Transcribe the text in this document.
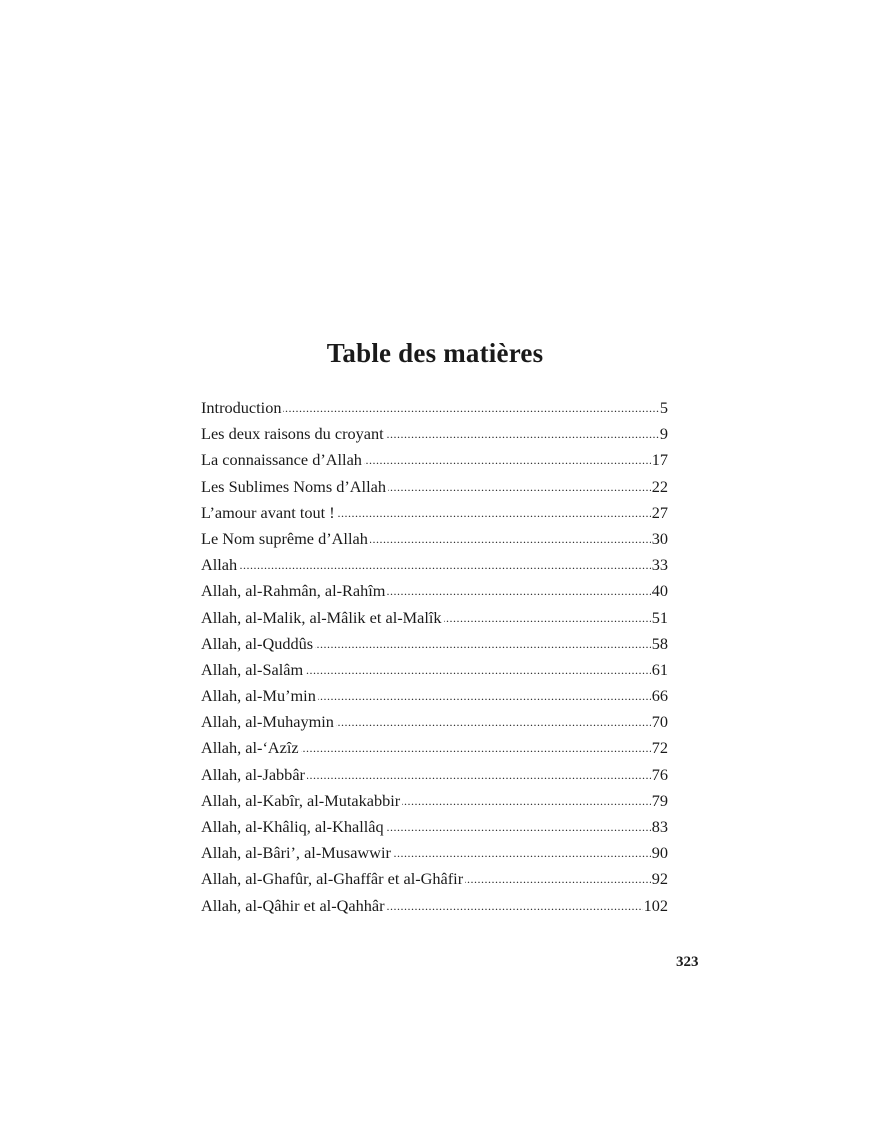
Table des matières
.....
Introduction	5
.....
Les deux raisons du croyant	9
.....
La connaissance d’Allah	17
.....
Les Sublimes Noms d’Allah	22
.....
L’amour avant tout !	27
.....
Le Nom suprême d’Allah	30
.....
Allah	33
.....
Allah, al-Rahmân, al-Rahîm	40
.....
Allah, al-Malik, al-Mâlik et al-Malîk	51
.....
Allah, al-Quddûs	58
.....
Allah, al-Salâm	61
.....
Allah, al-Mu’min	66
.....
Allah, al-Muhaymin	70
.....
Allah, al-‘Azîz	72
.....
Allah, al-Jabbâr	76
.....
Allah, al-Kabîr, al-Mutakabbir	79
.....
Allah, al-Khâliq, al-Khallâq	83
.....
Allah, al-Bâri’, al-Musawwir	90
.....
Allah, al-Ghafûr, al-Ghaffâr et al-Ghâfir	92
.....
Allah, al-Qâhir et al-Qahhâr	102
323
